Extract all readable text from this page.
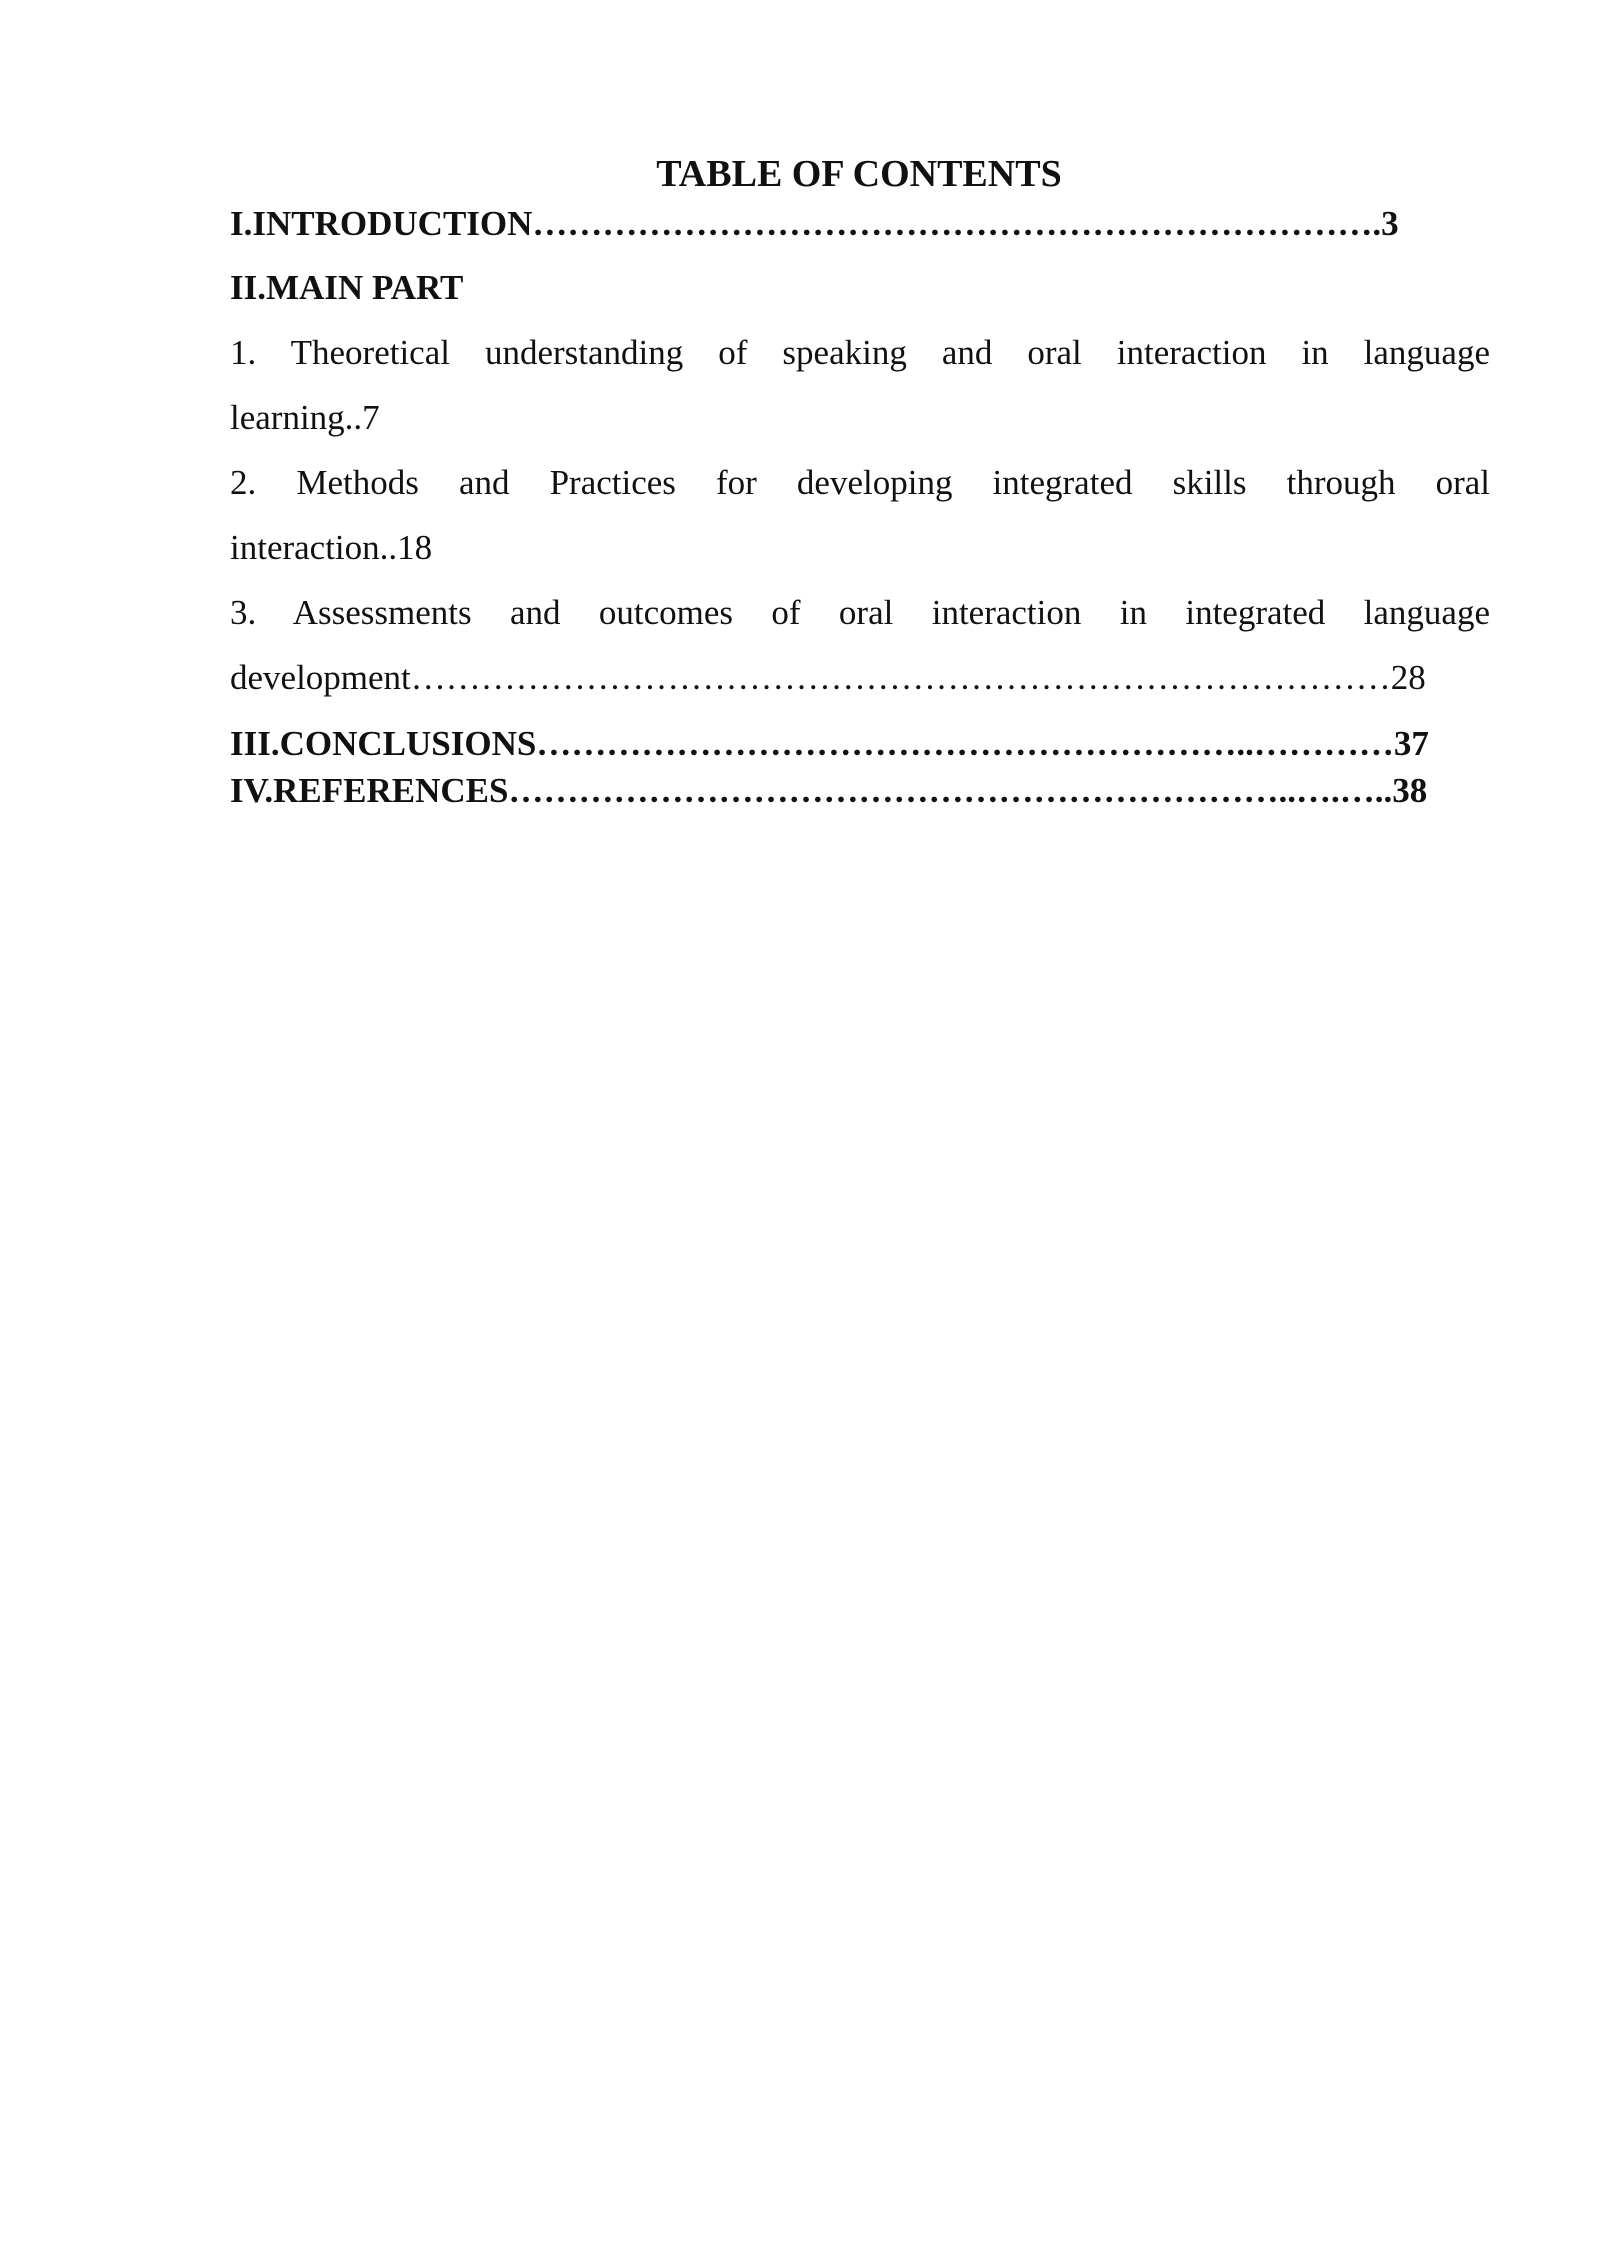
TABLE OF CONTENTS
I.INTRODUCTION……………………………………………………………….3
II.MAIN PART
1. Theoretical understanding of speaking and oral interaction in language
learning..7
2. Methods and Practices for developing integrated skills through oral
interaction..18
3. Assessments and outcomes of oral interaction in integrated language
development…………………………………………………………………………28
III.CONCLUSIONS……………………………………………………..…………37
IV.REFERENCES…………………………………………………………..….…..38
